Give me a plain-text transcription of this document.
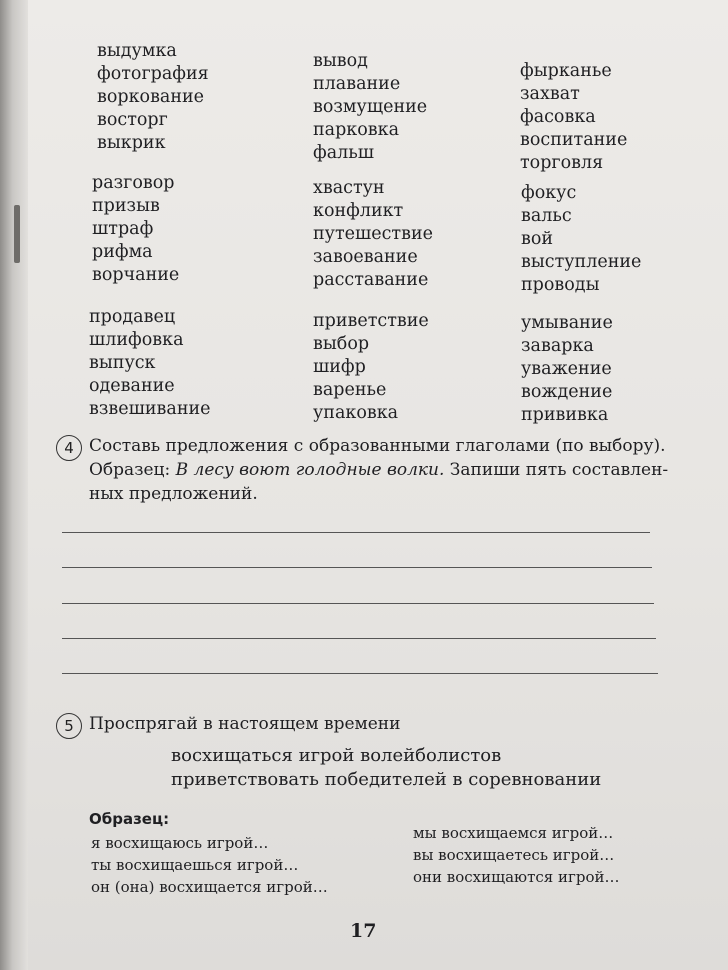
выдумка
фотография
воркование
восторг
выкрик
вывод
плавание
возмущение
парковка
фальш
фырканье
захват
фасовка
воспитание
торговля
разговор
призыв
штраф
рифма
ворчание
хвастун
конфликт
путешествие
завоевание
расставание
фокус
вальс
вой
выступление
проводы
продавец
шлифовка
выпуск
одевание
взвешивание
приветствие
выбор
шифр
варенье
упаковка
умывание
заварка
уважение
вождение
прививка
4 Составь предложения с образованными глаголами (по выбору).
Образец: В лесу воют голодные волки. Запиши пять составлен-
ных предложений.
5 Проспрягай в настоящем времени
восхищаться игрой волейболистов
приветствовать победителей в соревновании
Образец:
я восхищаюсь игрой…
ты восхищаешься игрой…
он (она) восхищается игрой…
мы восхищаемся игрой…
вы восхищаетесь игрой…
они восхищаются игрой…
17
